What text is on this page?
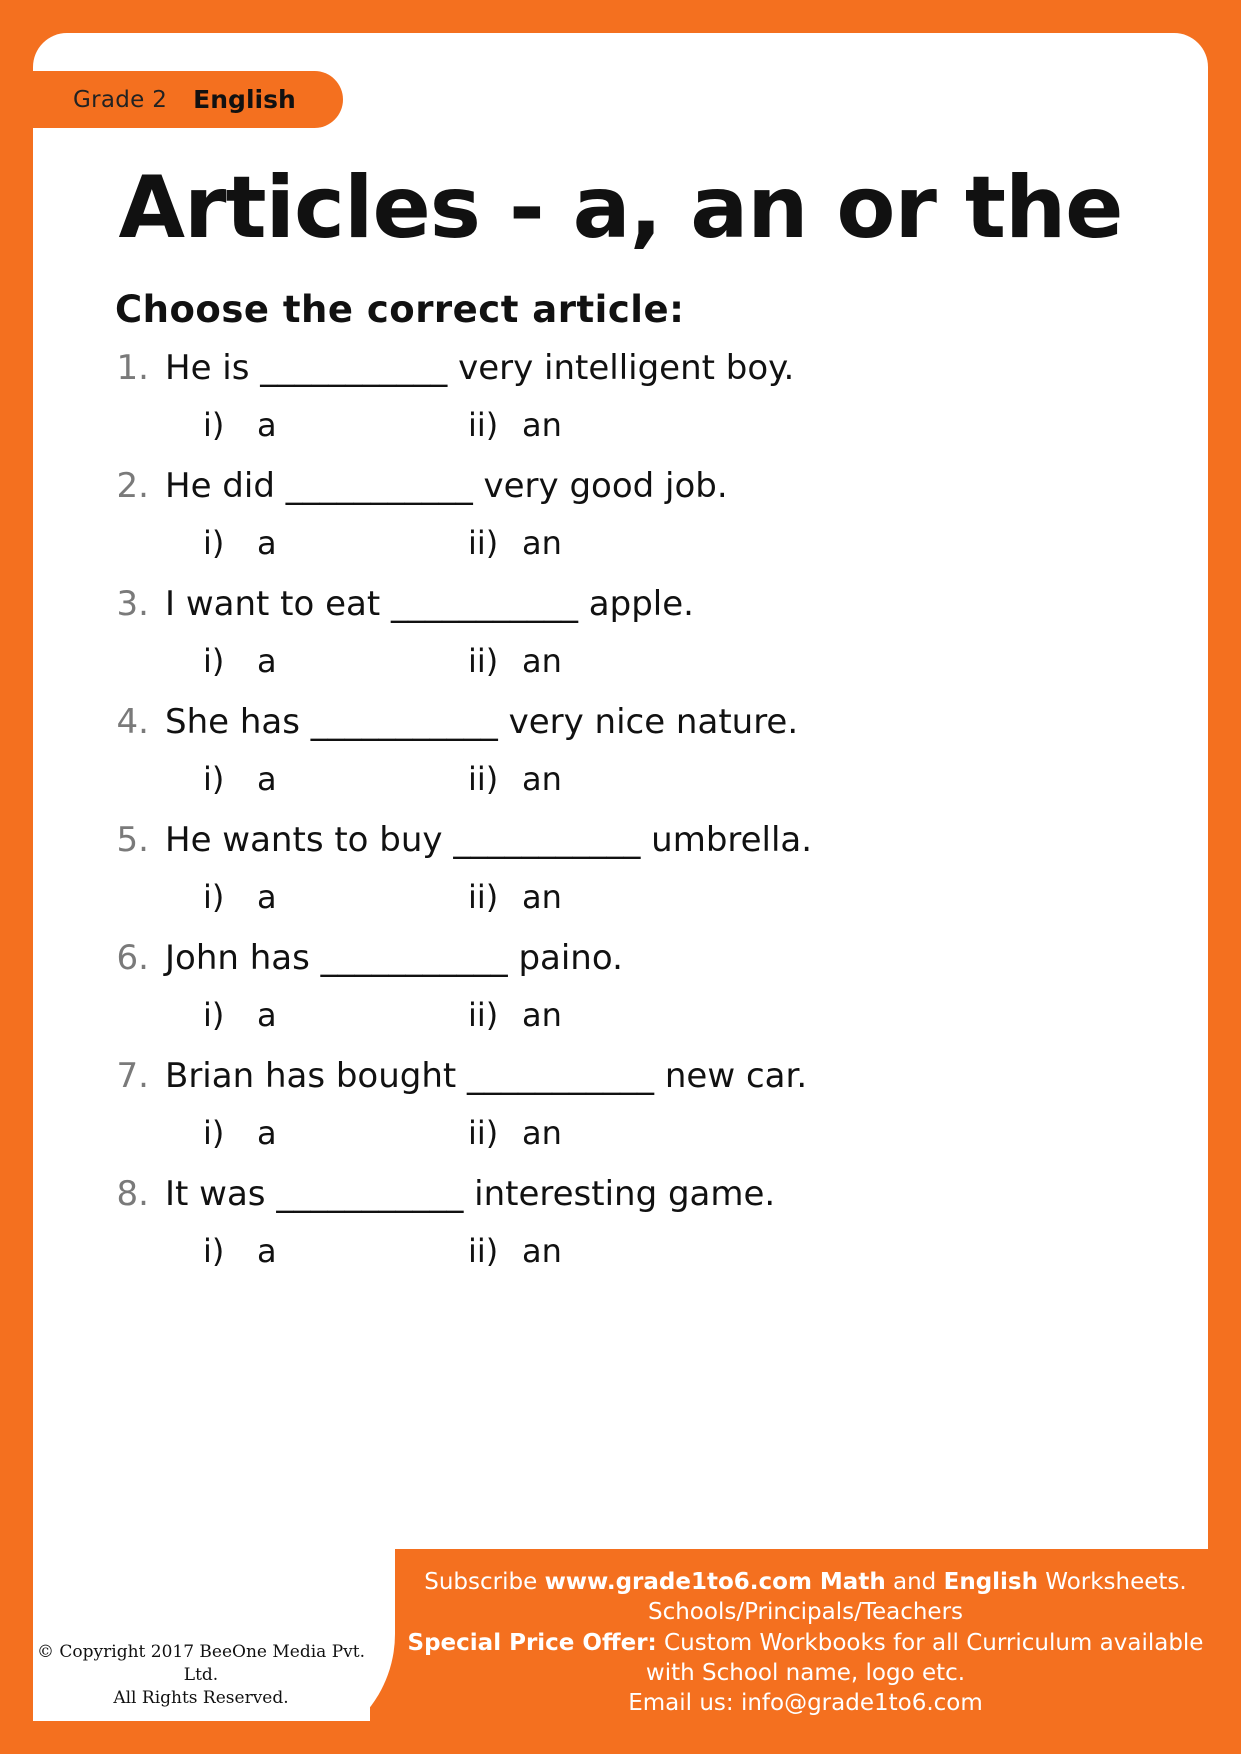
Grade 2 English
Articles - a, an or the
Choose the correct article:
1. He is ___________ very intelligent boy.
i)	a	ii) an
2. He did ___________ very good job.
i)	a	ii) an
3. I want to eat ___________ apple.
i)	a	ii) an
4. She has ___________ very nice nature.
i)	a	ii) an
5. He wants to buy ___________ umbrella.
i)	a	ii) an
6. John has ___________ paino.
i)	a	ii) an
7. Brian has bought ___________ new car.
i)	a	ii) an
8. It was ___________ interesting game.
i)	a	ii) an
Subscribe www.grade1to6.com Math and English Worksheets.
Schools/Principals/Teachers
Special Price Offer: Custom Workbooks for all Curriculum available
with School name, logo etc.
Email us: info@grade1to6.com
© Copyright 2017 BeeOne Media Pvt. Ltd.
All Rights Reserved.
